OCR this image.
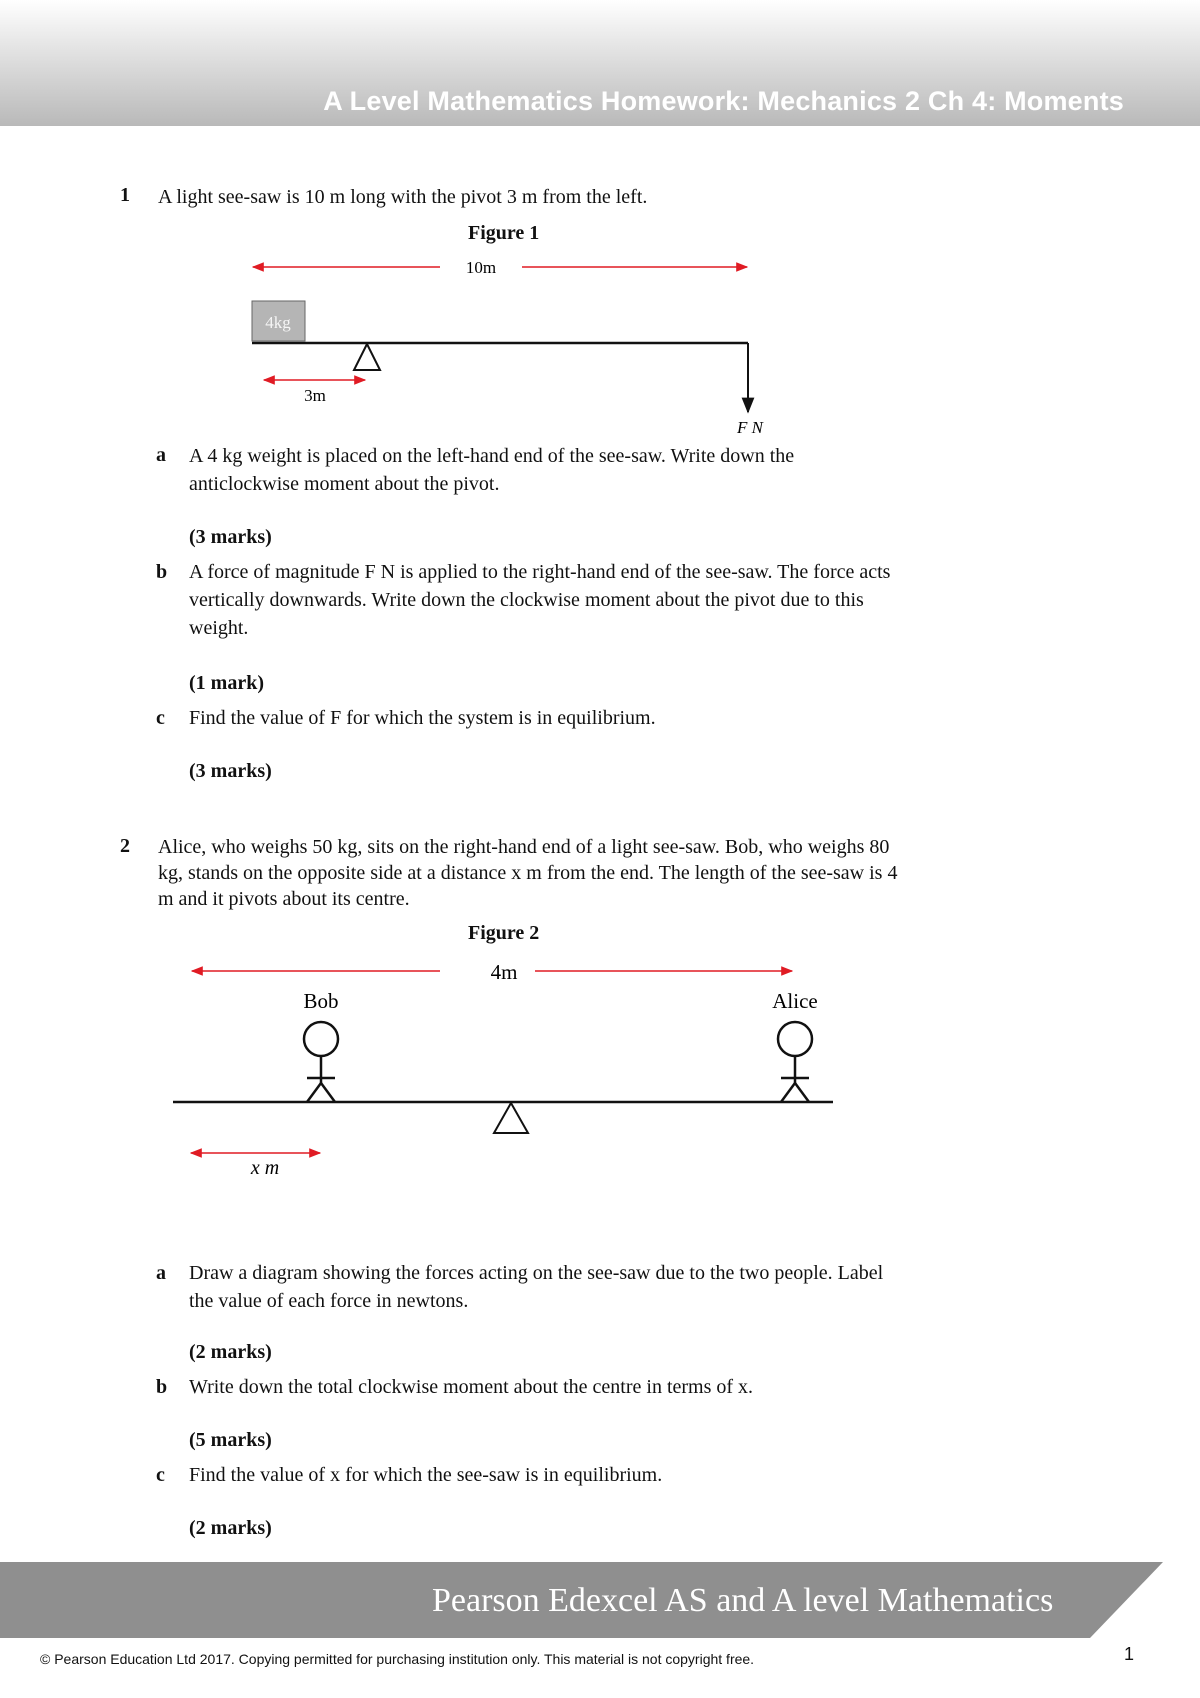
A Level Mathematics Homework: Mechanics 2 Ch 4: Moments
1 A light see-saw is 10 m long with the pivot 3 m from the left.

Figure 1
10m
4kg
3m
F N
a A 4 kg weight is placed on the left-hand end of the see-saw. Write down the anticlockwise moment about the pivot.

(3 marks)
b A force of magnitude F N is applied to the right-hand end of the see-saw. The force acts vertically downwards. Write down the clockwise moment about the pivot due to this weight.

(1 mark)
c Find the value of F for which the system is in equilibrium.

(3 marks)
2 Alice, who weighs 50 kg, sits on the right-hand end of a light see-saw. Bob, who weighs 80 kg, stands on the opposite side at a distance x m from the end. The length of the see-saw is 4 m and it pivots about its centre.

Figure 2
4m
Bob	Alice
x m
a Draw a diagram showing the forces acting on the see-saw due to the two people. Label the value of each force in newtons.

(2 marks)
b Write down the total clockwise moment about the centre in terms of x.

(5 marks)
c Find the value of x for which the see-saw is in equilibrium.

(2 marks)

Pearson Edexcel AS and A level Mathematics

© Pearson Education Ltd 2017. Copying permitted for purchasing institution only. This material is not copyright free.	1
